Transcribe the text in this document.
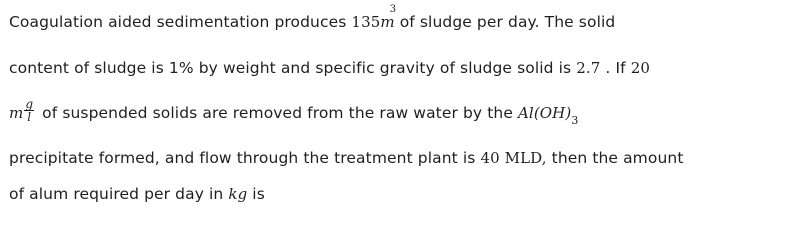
Coagulation aided sedimentation produces 135m3 of sludge per day. The solid
content of sludge is 1% by weight and specific gravity of sludge solid is 2.7 . If 20
m $\frac{g}{l}$ of suspended solids are removed from the raw water by the $Al(OH)_3$
precipitate formed, and flow through the treatment plant is 40 MLD, then the amount
of alum required per day in kg is
